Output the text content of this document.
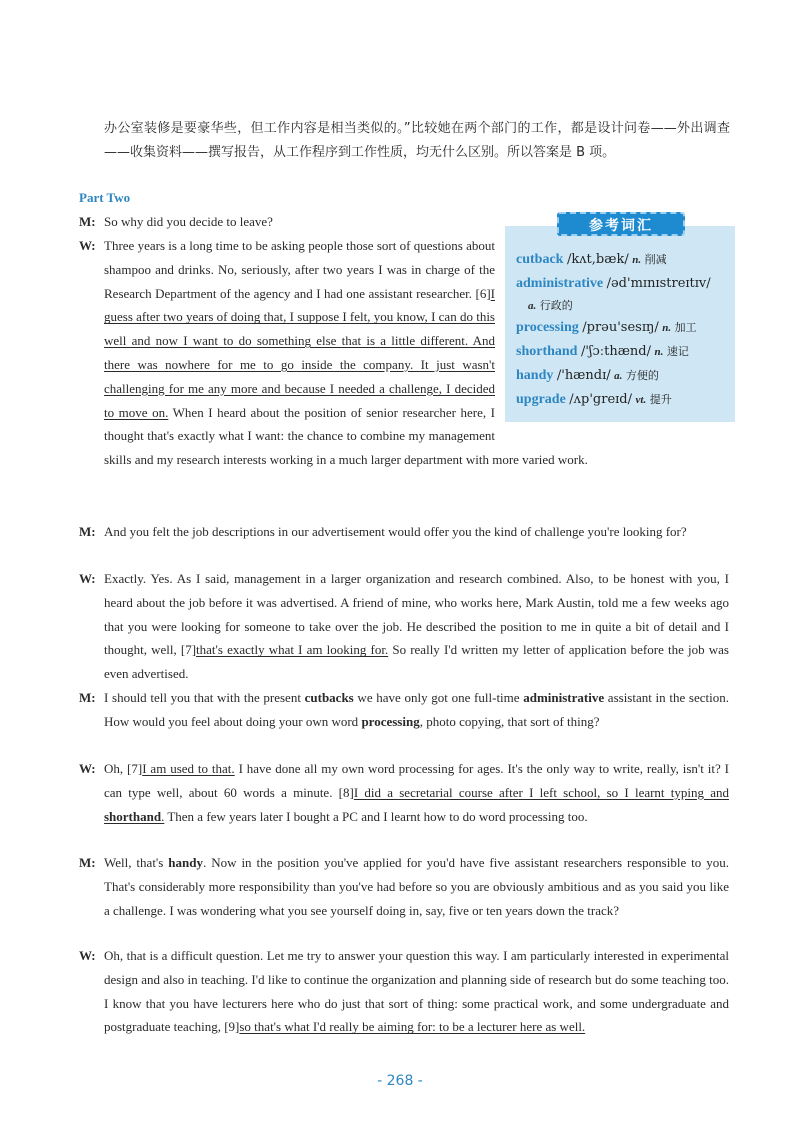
办公室装修是要豪华些，但工作内容是相当类似的。”比较她在两个部门的工作，都是设计问卷——外出调查——收集资料——撰写报告，从工作程序到工作性质，均无什么区别。所以答案是 B 项。

Part Two
参考词汇
cutback /kʌt,bæk/ n. 削减
administrative /əd'mɪnɪstreɪtɪv/
a. 行政的
processing /prəu'sesɪŋ/ n. 加工
shorthand /'ʃɔːthænd/ n. 速记
handy /'hændɪ/ a. 方便的
upgrade /ʌp'greɪd/ vt. 提升
M: So why did you decide to leave?
W: Three years is a long time to be asking people those sort of questions about shampoo and drinks. No, seriously, after two years I was in charge of the Research Department of the agency and I had one assistant researcher. [6]I guess after two years of doing that, I suppose I felt, you know, I can do this well and now I want to do something else that is a little different. And there was nowhere for me to go inside the company. It just wasn't challenging for me any more and because I needed a challenge, I decided to move on. When I heard about the position of senior researcher here, I thought that's exactly what I want: the chance to combine my management skills and my research interests working in a much larger department with more varied work.
M: And you felt the job descriptions in our advertisement would offer you the kind of challenge you're looking for?
W: Exactly. Yes. As I said, management in a larger organization and research combined. Also, to be honest with you, I heard about the job before it was advertised. A friend of mine, who works here, Mark Austin, told me a few weeks ago that you were looking for someone to take over the job. He described the position to me in quite a bit of detail and I thought, well, [7]that's exactly what I am looking for. So really I'd written my letter of application before the job was even advertised.
M: I should tell you that with the present cutbacks we have only got one full-time administrative assistant in the section. How would you feel about doing your own word processing, photo copying, that sort of thing?
W: Oh, [7]I am used to that. I have done all my own word processing for ages. It's the only way to write, really, isn't it? I can type well, about 60 words a minute. [8]I did a secretarial course after I left school, so I learnt typing and shorthand. Then a few years later I bought a PC and I learnt how to do word processing too.
M: Well, that's handy. Now in the position you've applied for you'd have five assistant researchers responsible to you. That's considerably more responsibility than you've had before so you are obviously ambitious and as you said you like a challenge. I was wondering what you see yourself doing in, say, five or ten years down the track?
W: Oh, that is a difficult question. Let me try to answer your question this way. I am particularly interested in experimental design and also in teaching. I'd like to continue the organization and planning side of research but do some teaching too. I know that you have lecturers here who do just that sort of thing: some practical work, and some undergraduate and postgraduate teaching, [9]so that's what I'd really be aiming for: to be a lecturer here as well.
- 268 -
